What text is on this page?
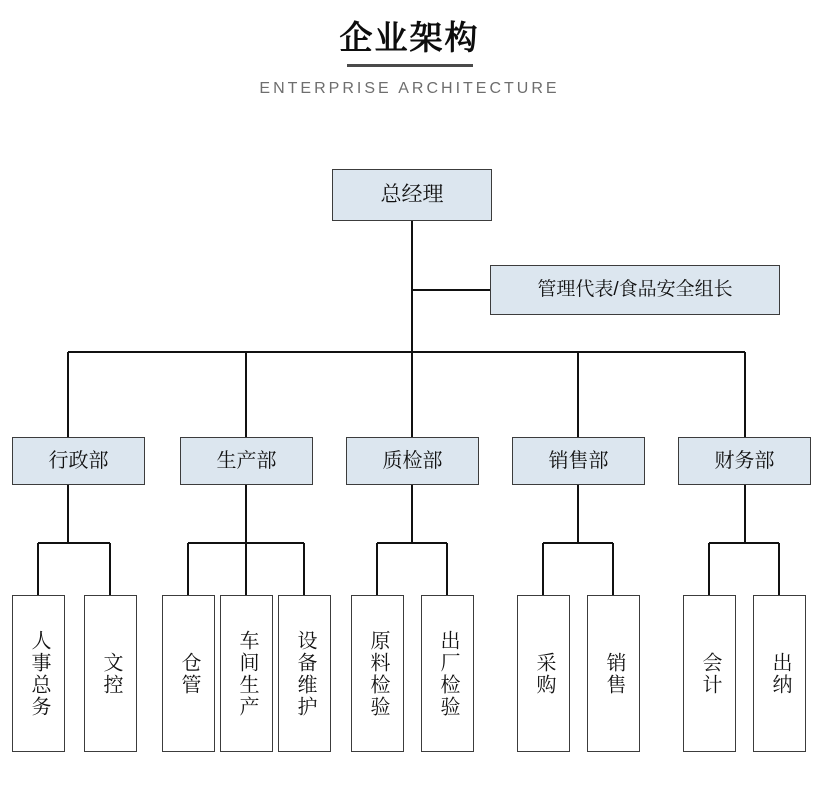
企业架构
ENTERPRISE ARCHITECTURE
总经理
管理代表/食品安全组长
行政部	生产部	质检部	销售部	财务部
人事总务	文控	仓管 车间生产 设备维护	原料检验 出厂检验	采购 销售	会计 出纳
